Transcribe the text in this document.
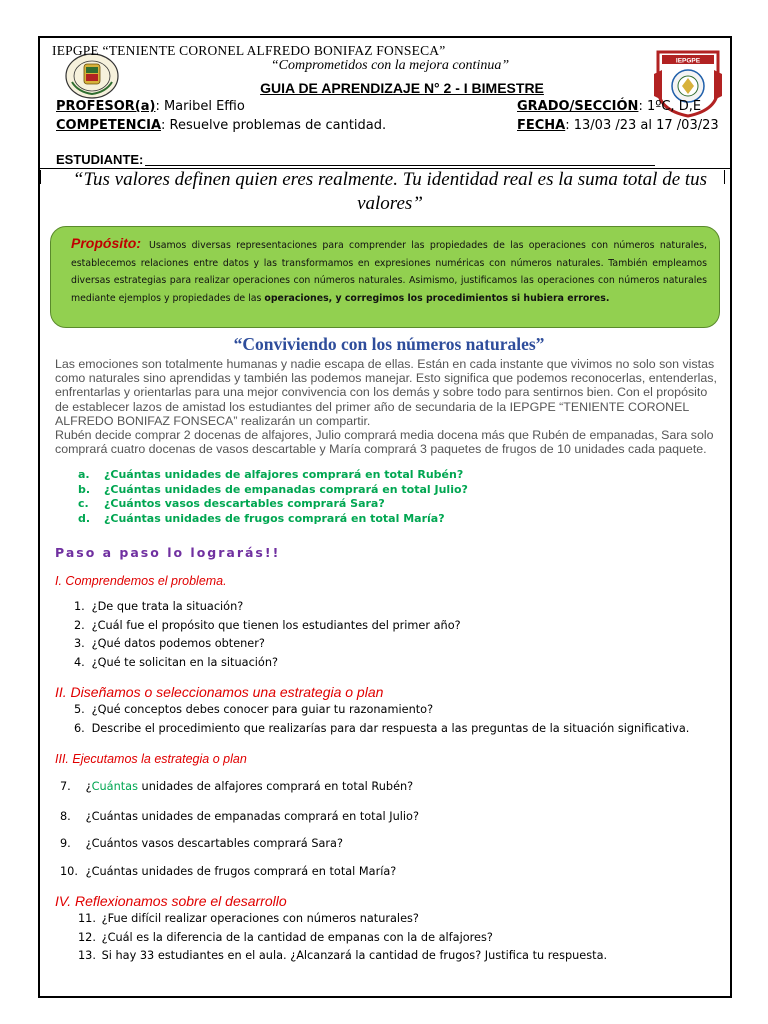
IEPGPE
IEPGPE “TENIENTE CORONEL ALFREDO BONIFAZ FONSECA”
“Comprometidos con la mejora continua”
GUIA DE APRENDIZAJE N° 2 - I BIMESTRE
PROFESOR(a): Maribel Effio	GRADO/SECCIÓN: 1ºC, D,E
COMPETENCIA: Resuelve problemas de cantidad.	FECHA: 13/03 /23 al 17 /03/23
ESTUDIANTE:
“Tus valores definen quien eres realmente. Tu identidad real es la suma total de tus valores”
Propósito: Usamos diversas representaciones para comprender las propiedades de las operaciones con números naturales, establecemos relaciones entre datos y las transformamos en expresiones numéricas con números naturales. También empleamos diversas estrategias para realizar operaciones con números naturales. Asimismo, justificamos las operaciones con números naturales mediante ejemplos y propiedades de las operaciones, y corregimos los procedimientos si hubiera errores.
“Conviviendo con los números naturales”

Las emociones son totalmente humanas y nadie escapa de ellas. Están en cada instante que vivimos no solo son vistas como naturales sino aprendidas y también las podemos manejar. Esto significa que podemos reconocerlas, entenderlas, enfrentarlas y orientarlas para una mejor convivencia con los demás y sobre todo para sentirnos bien. Con el propósito de establecer lazos de amistad los estudiantes del primer año de secundaria de la IEPGPE “TENIENTE CORONEL ALFREDO BONIFAZ FONSECA” realizarán un compartir.

Rubén decide comprar 2 docenas de alfajores, Julio comprará media docena más que Rubén de empanadas, Sara solo comprará cuatro docenas de vasos descartable y María comprará 3 paquetes de frugos de 10 unidades cada paquete.

a. ¿Cuántas unidades de alfajores comprará en total Rubén?
b. ¿Cuántas unidades de empanadas comprará en total Julio?
c. ¿Cuántos vasos descartables comprará Sara?
d. ¿Cuántas unidades de frugos comprará en total María?
Paso a paso lo lograrás!!
I. Comprendemos el problema.
1. ¿De que trata la situación?
2. ¿Cuál fue el propósito que tienen los estudiantes del primer año?
3. ¿Qué datos podemos obtener?
4. ¿Qué te solicitan en la situación?
II. Diseñamos o seleccionamos una estrategia o plan
5. ¿Qué conceptos debes conocer para guiar tu razonamiento?
6. Describe el procedimiento que realizarías para dar respuesta a las preguntas de la situación significativa.
III. Ejecutamos la estrategia o plan
7. ¿Cuántas unidades de alfajores comprará en total Rubén?
8. ¿Cuántas unidades de empanadas comprará en total Julio?
9. ¿Cuántos vasos descartables comprará Sara?
10. ¿Cuántas unidades de frugos comprará en total María?
IV. Reflexionamos sobre el desarrollo
11. ¿Fue difícil realizar operaciones con números naturales?
12. ¿Cuál es la diferencia de la cantidad de empanas con la de alfajores?
13. Si hay 33 estudiantes en el aula. ¿Alcanzará la cantidad de frugos? Justifica tu respuesta.
